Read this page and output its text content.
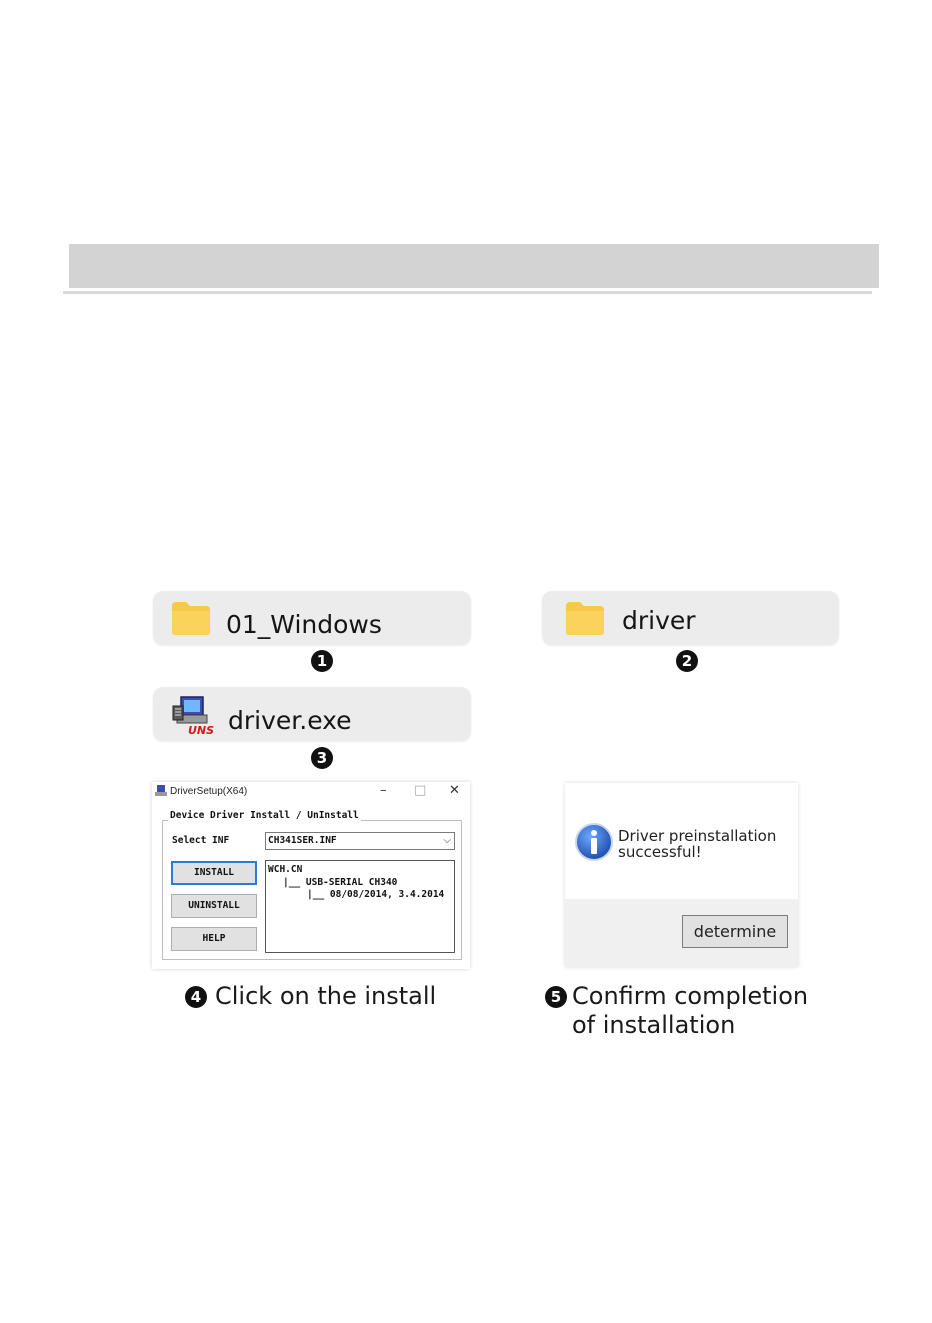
01_Windows
1
driver
2
UNS driver.exe
3
DriverSetup(X64)	– □ ✕
Device Driver Install / UnInstall
Select INF	CH341SER.INF	⌵
INSTALL
UNINSTALL
HELP
WCH.CN
|__ USB-SERIAL CH340
|__ 08/08/2014, 3.4.2014
Driver preinstallation
successful!
determine
4 Click on the install	5 Confirm completion
of installation
